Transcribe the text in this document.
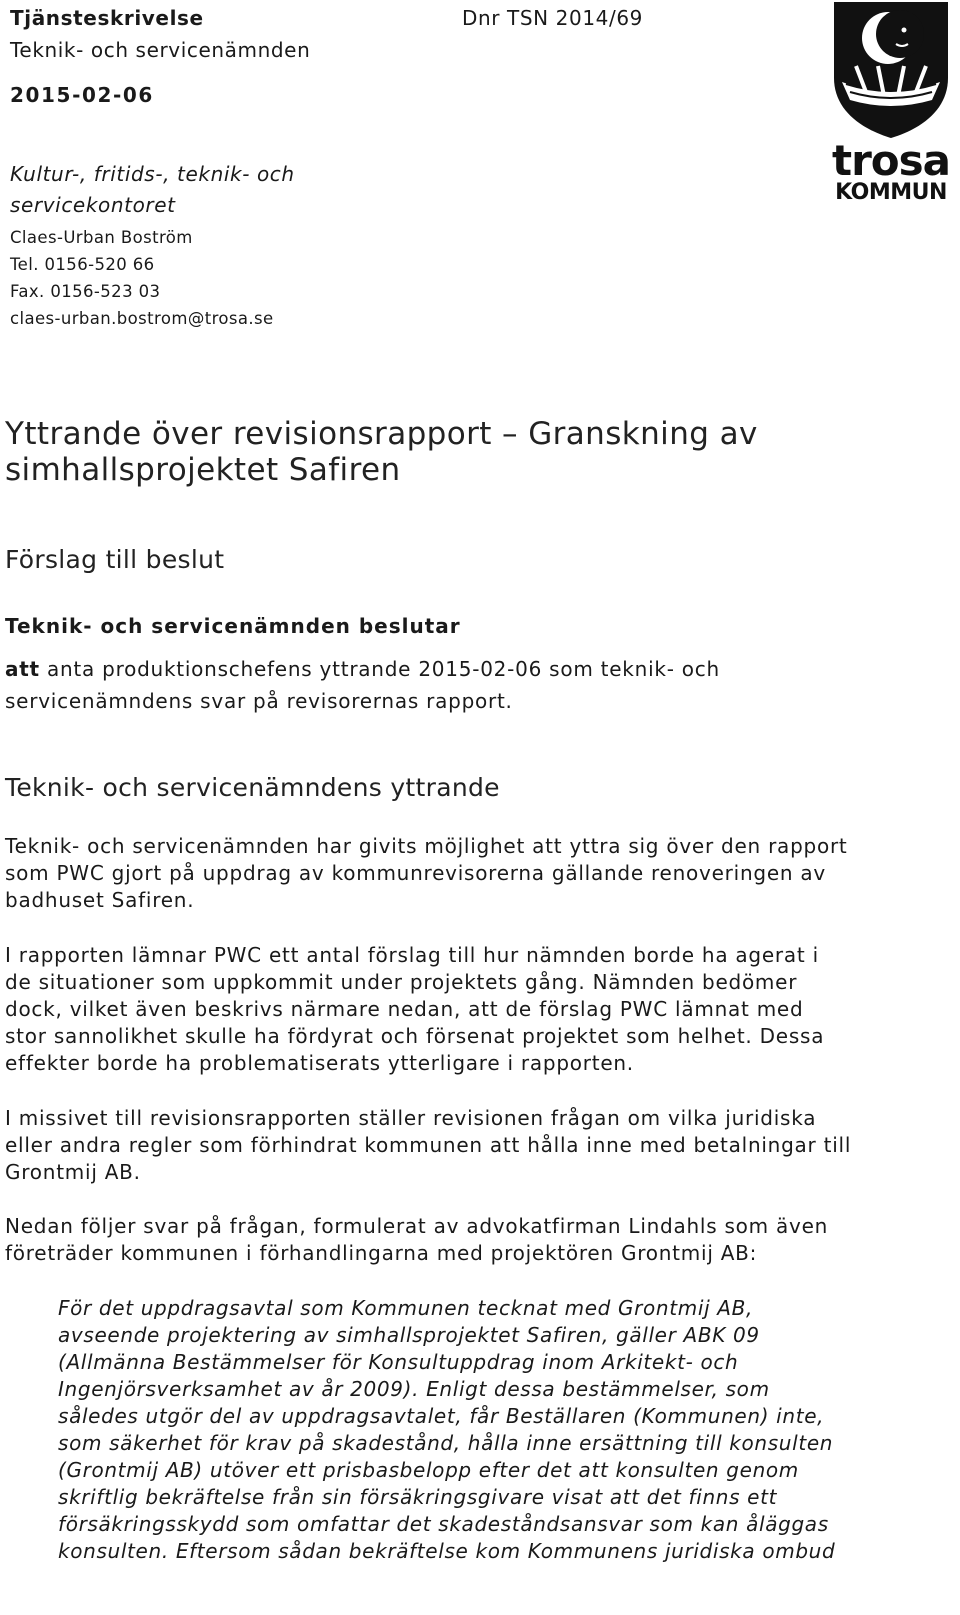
Tjänsteskrivelse
Teknik- och servicenämnden
2015-02-06
Dnr TSN 2014/69
Kultur-, fritids-, teknik- och
servicekontoret
Claes-Urban Boström
Tel. 0156-520 66
Fax. 0156-523 03
claes-urban.bostrom@trosa.se
trosa
KOMMUN
Yttrande över revisionsrapport – Granskning av
simhallsprojektet Safiren
Förslag till beslut
Teknik- och servicenämnden beslutar
att anta produktionschefens yttrande 2015-02-06 som teknik- och
servicenämndens svar på revisorernas rapport.
Teknik- och servicenämndens yttrande
Teknik- och servicenämnden har givits möjlighet att yttra sig över den rapport
som PWC gjort på uppdrag av kommunrevisorerna gällande renoveringen av
badhuset Safiren.
I rapporten lämnar PWC ett antal förslag till hur nämnden borde ha agerat i
de situationer som uppkommit under projektets gång. Nämnden bedömer
dock, vilket även beskrivs närmare nedan, att de förslag PWC lämnat med
stor sannolikhet skulle ha fördyrat och försenat projektet som helhet. Dessa
effekter borde ha problematiserats ytterligare i rapporten.
I missivet till revisionsrapporten ställer revisionen frågan om vilka juridiska
eller andra regler som förhindrat kommunen att hålla inne med betalningar till
Grontmij AB.
Nedan följer svar på frågan, formulerat av advokatfirman Lindahls som även
företräder kommunen i förhandlingarna med projektören Grontmij AB:
För det uppdragsavtal som Kommunen tecknat med Grontmij AB,
avseende projektering av simhallsprojektet Safiren, gäller ABK 09
(Allmänna Bestämmelser för Konsultuppdrag inom Arkitekt- och
Ingenjörsverksamhet av år 2009). Enligt dessa bestämmelser, som
således utgör del av uppdragsavtalet, får Beställaren (Kommunen) inte,
som säkerhet för krav på skadestånd, hålla inne ersättning till konsulten
(Grontmij AB) utöver ett prisbasbelopp efter det att konsulten genom
skriftlig bekräftelse från sin försäkringsgivare visat att det finns ett
försäkringsskydd som omfattar det skadeståndsansvar som kan åläggas
konsulten. Eftersom sådan bekräftelse kom Kommunens juridiska ombud
